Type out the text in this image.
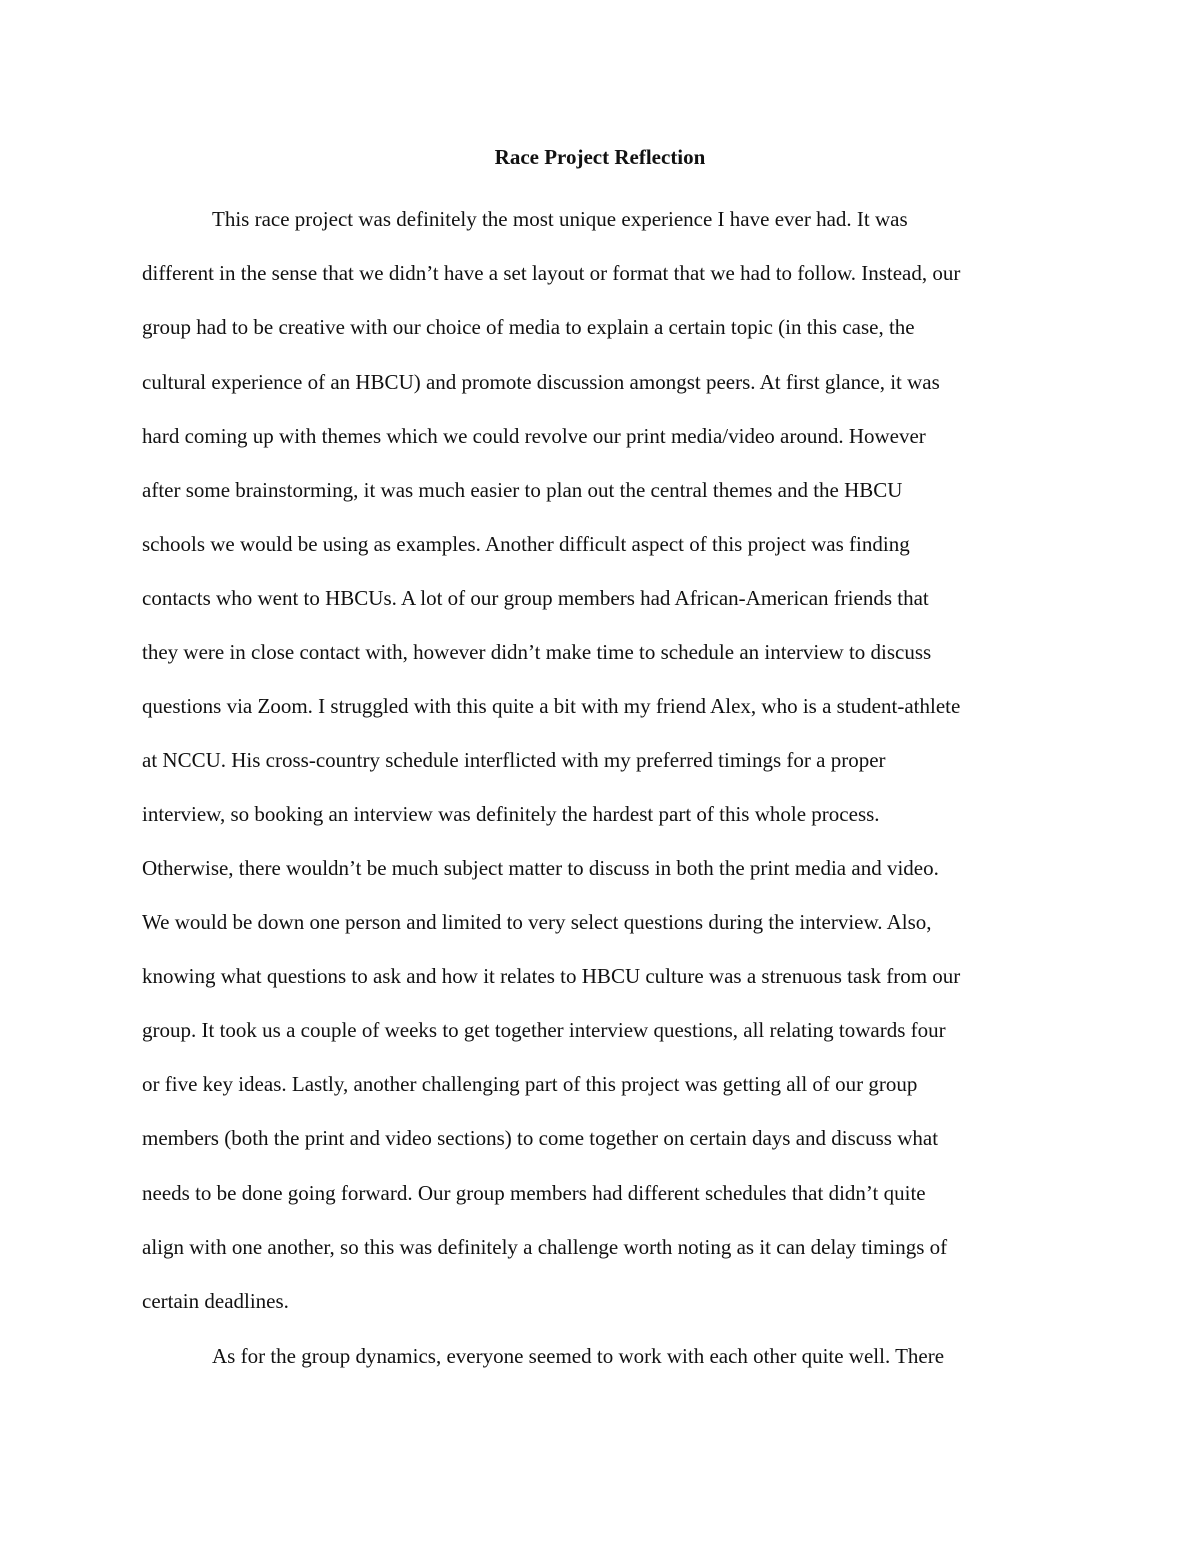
Race Project Reflection
This race project was definitely the most unique experience I have ever had. It was
different in the sense that we didn’t have a set layout or format that we had to follow. Instead, our
group had to be creative with our choice of media to explain a certain topic (in this case, the
cultural experience of an HBCU) and promote discussion amongst peers. At first glance, it was
hard coming up with themes which we could revolve our print media/video around. However
after some brainstorming, it was much easier to plan out the central themes and the HBCU
schools we would be using as examples. Another difficult aspect of this project was finding
contacts who went to HBCUs. A lot of our group members had African-American friends that
they were in close contact with, however didn’t make time to schedule an interview to discuss
questions via Zoom. I struggled with this quite a bit with my friend Alex, who is a student-athlete
at NCCU. His cross-country schedule interflicted with my preferred timings for a proper
interview, so booking an interview was definitely the hardest part of this whole process.
Otherwise, there wouldn’t be much subject matter to discuss in both the print media and video.
We would be down one person and limited to very select questions during the interview. Also,
knowing what questions to ask and how it relates to HBCU culture was a strenuous task from our
group. It took us a couple of weeks to get together interview questions, all relating towards four
or five key ideas. Lastly, another challenging part of this project was getting all of our group
members (both the print and video sections) to come together on certain days and discuss what
needs to be done going forward. Our group members had different schedules that didn’t quite
align with one another, so this was definitely a challenge worth noting as it can delay timings of
certain deadlines.
As for the group dynamics, everyone seemed to work with each other quite well. There
